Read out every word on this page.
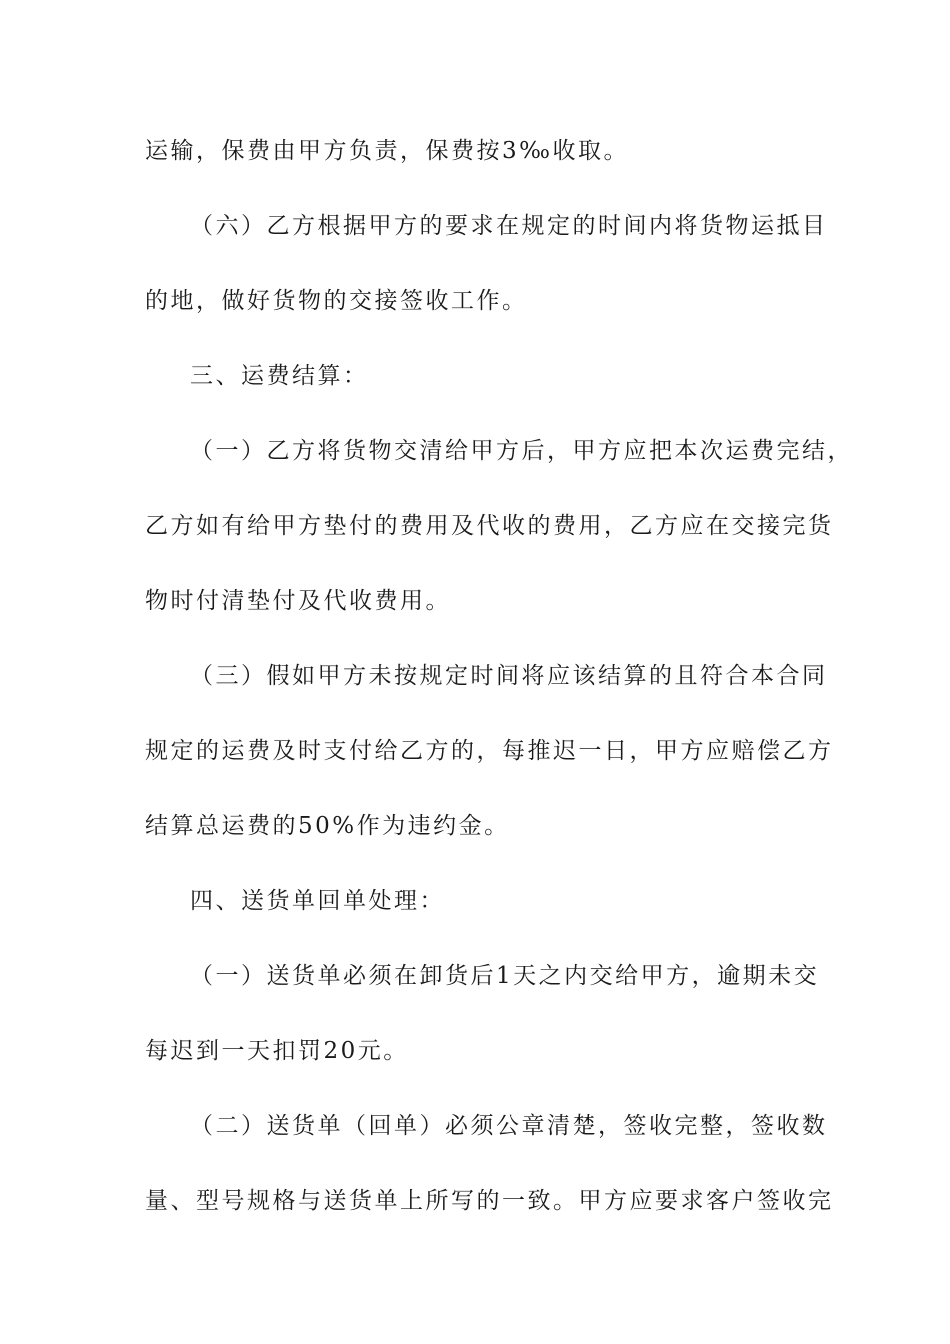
运输，保费由甲方负责，保费按3‰收取。

（六）乙方根据甲方的要求在规定的时间内将货物运抵目

的地，做好货物的交接签收工作。

三、运费结算：

（一）乙方将货物交清给甲方后，甲方应把本次运费完结，

乙方如有给甲方垫付的费用及代收的费用，乙方应在交接完货

物时付清垫付及代收费用。

（三）假如甲方未按规定时间将应该结算的且符合本合同

规定的运费及时支付给乙方的，每推迟一日，甲方应赔偿乙方

结算总运费的50%作为违约金。

四、送货单回单处理：

（一）送货单必须在卸货后1天之内交给甲方，逾期未交

每迟到一天扣罚20元。

（二）送货单（回单）必须公章清楚，签收完整，签收数

量、型号规格与送货单上所写的一致。甲方应要求客户签收完
